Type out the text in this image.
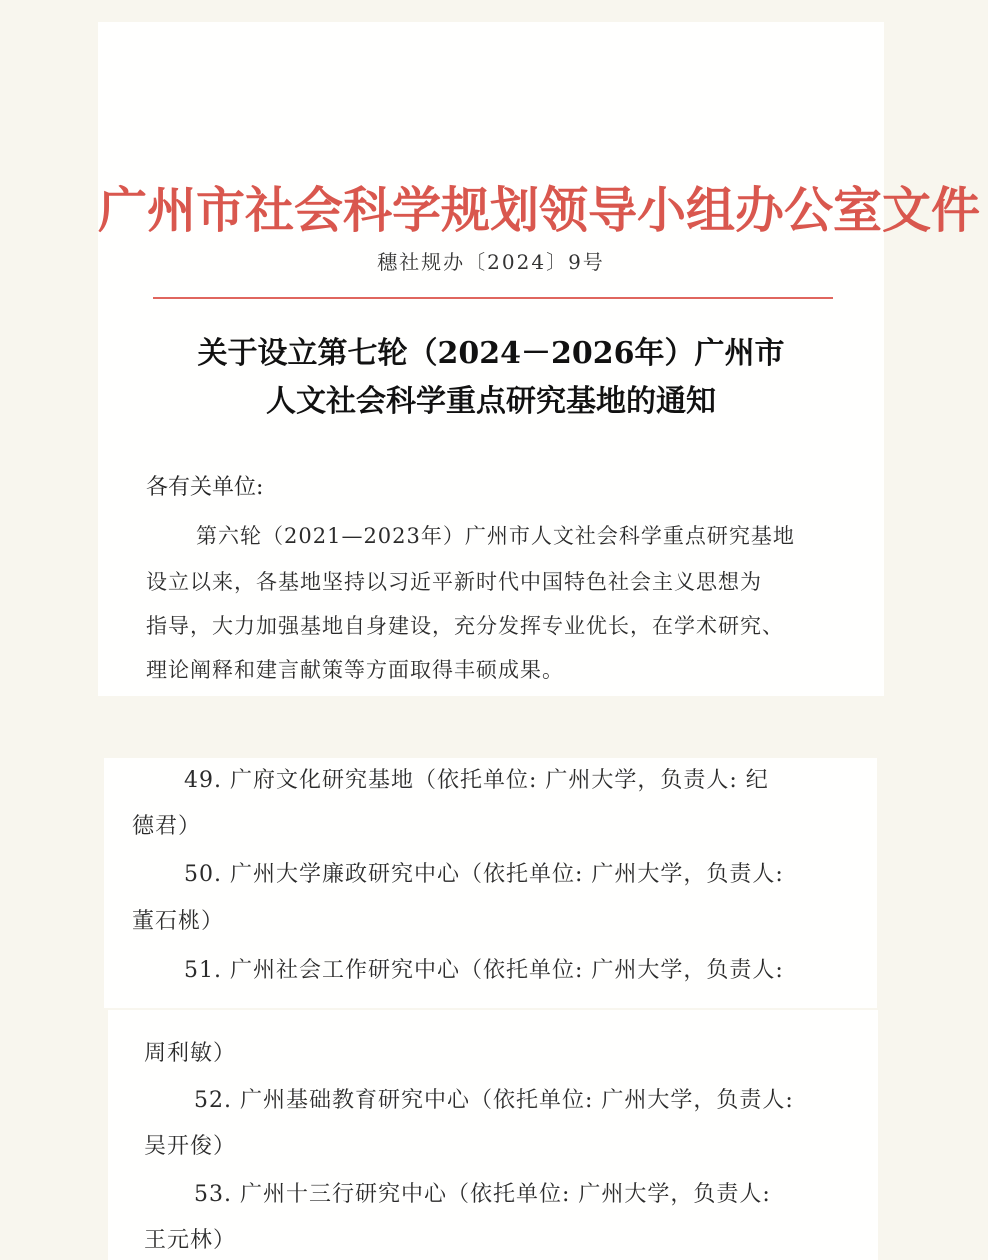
广州市社会科学规划领导小组办公室文件
穗社规办〔2024〕9号
关于设立第七轮（2024－2026年）广州市
人文社会科学重点研究基地的通知
各有关单位:
第六轮（2021—2023年）广州市人文社会科学重点研究基地
设立以来，各基地坚持以习近平新时代中国特色社会主义思想为
指导，大力加强基地自身建设，充分发挥专业优长，在学术研究、
理论阐释和建言献策等方面取得丰硕成果。
49. 广府文化研究基地（依托单位: 广州大学，负责人: 纪
德君）
50. 广州大学廉政研究中心（依托单位: 广州大学，负责人:
董石桃）
51. 广州社会工作研究中心（依托单位: 广州大学，负责人:
周利敏）
52. 广州基础教育研究中心（依托单位: 广州大学，负责人:
吴开俊）
53. 广州十三行研究中心（依托单位: 广州大学，负责人:
王元林）
